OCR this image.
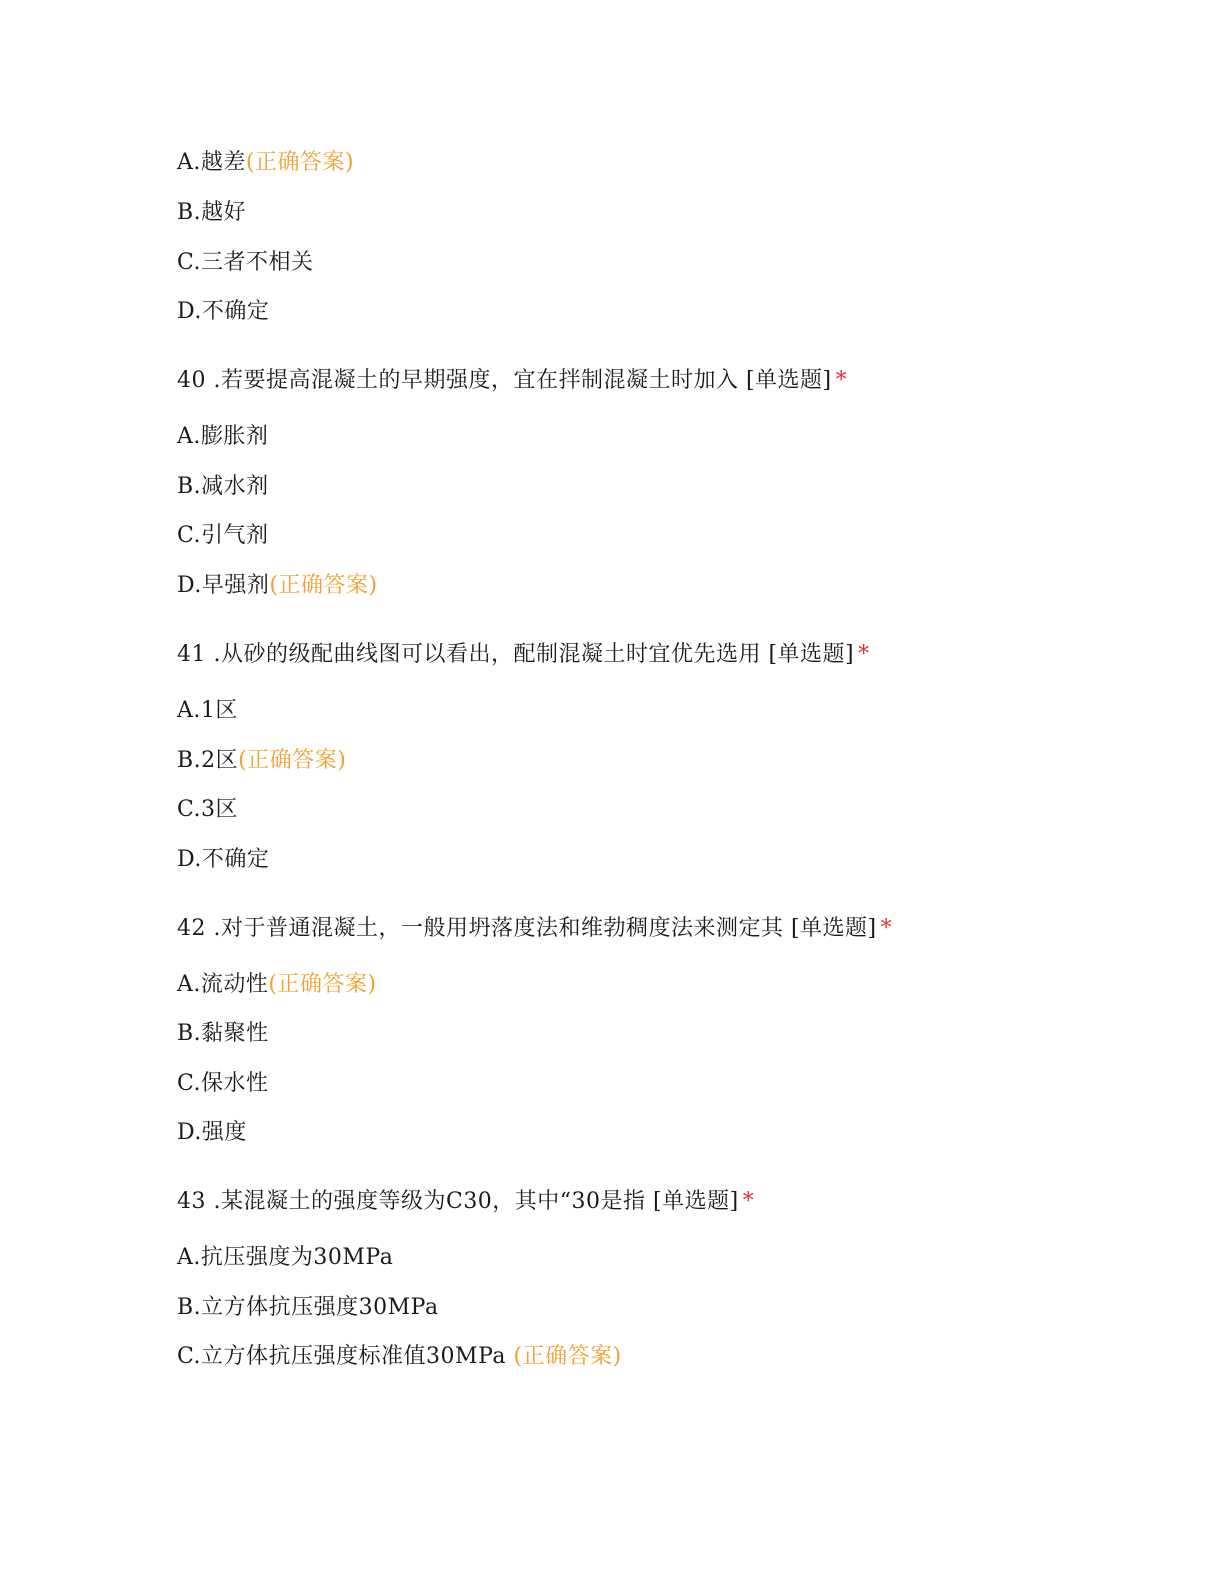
A.越差(正确答案)
B.越好
C.三者不相关
D.不确定
40 .若要提高混凝土的早期强度，宜在拌制混凝土时加入 [单选题] *
A.膨胀剂
B.减水剂
C.引气剂
D.早强剂(正确答案)
41 .从砂的级配曲线图可以看出，配制混凝土时宜优先选用 [单选题] *
A.1区
B.2区(正确答案)
C.3区
D.不确定
42 .对于普通混凝土，一般用坍落度法和维勃稠度法来测定其 [单选题] *
A.流动性(正确答案)
B.黏聚性
C.保水性
D.强度
43 .某混凝土的强度等级为C30，其中“30是指 [单选题] *
A.抗压强度为30MPa
B.立方体抗压强度30MPa
C.立方体抗压强度标准值30MPa (正确答案)
